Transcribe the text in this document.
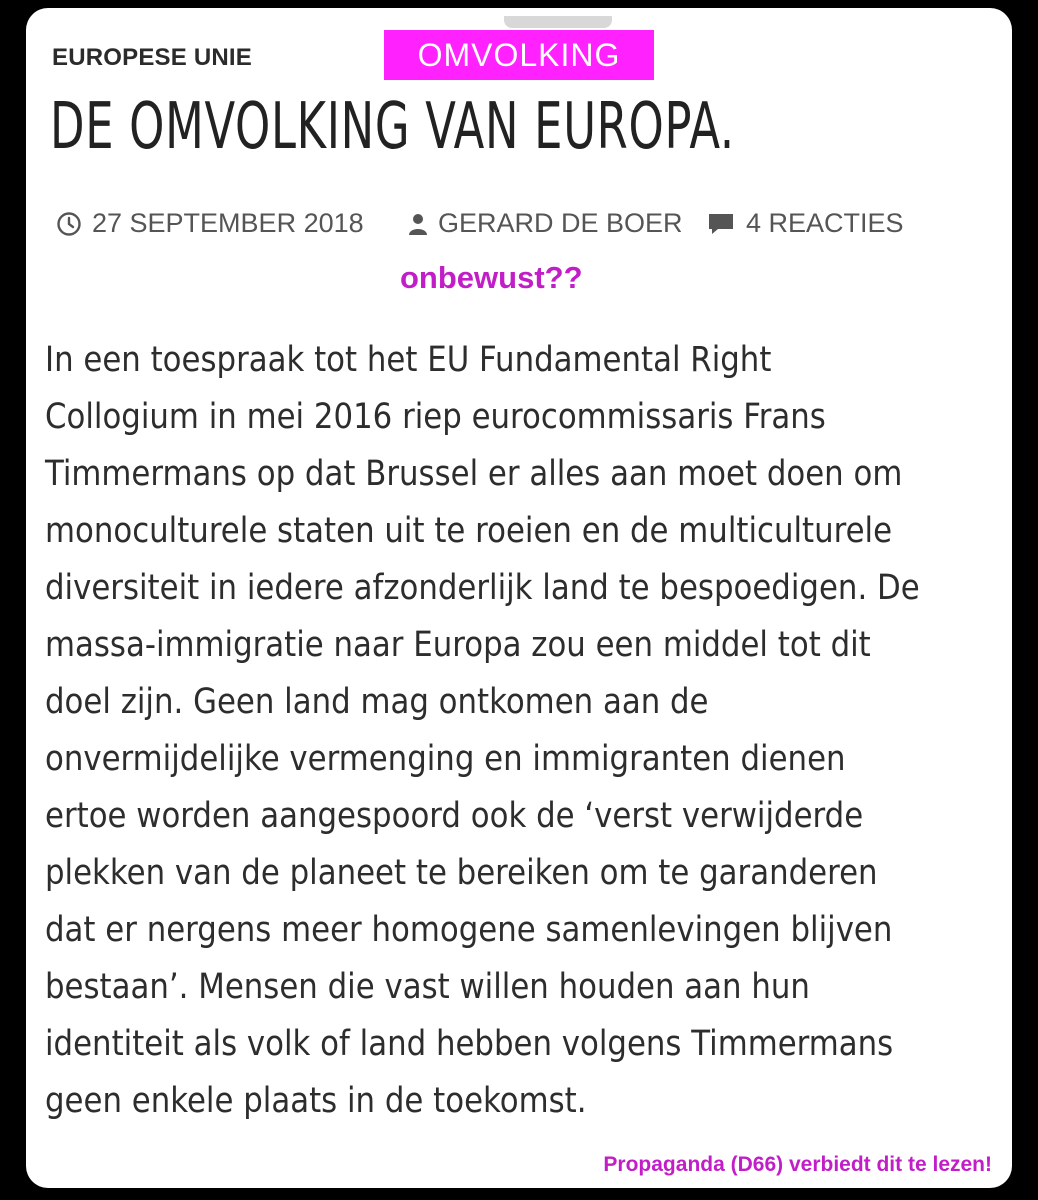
EUROPESE UNIE	OMVOLKING
DE OMVOLKING VAN EUROPA.
27 SEPTEMBER 2018	GERARD DE BOER 4 REACTIES
onbewust??
In een toespraak tot het EU Fundamental Right
Collogium in mei 2016 riep eurocommissaris Frans
Timmermans op dat Brussel er alles aan moet doen om
monoculturele staten uit te roeien en de multiculturele
diversiteit in iedere afzonderlijk land te bespoedigen. De
massa-immigratie naar Europa zou een middel tot dit
doel zijn. Geen land mag ontkomen aan de
onvermijdelijke vermenging en immigranten dienen
ertoe worden aangespoord ook de ‘verst verwijderde
plekken van de planeet te bereiken om te garanderen
dat er nergens meer homogene samenlevingen blijven
bestaan’. Mensen die vast willen houden aan hun
identiteit als volk of land hebben volgens Timmermans
geen enkele plaats in de toekomst.
Propaganda (D66) verbiedt dit te lezen!
